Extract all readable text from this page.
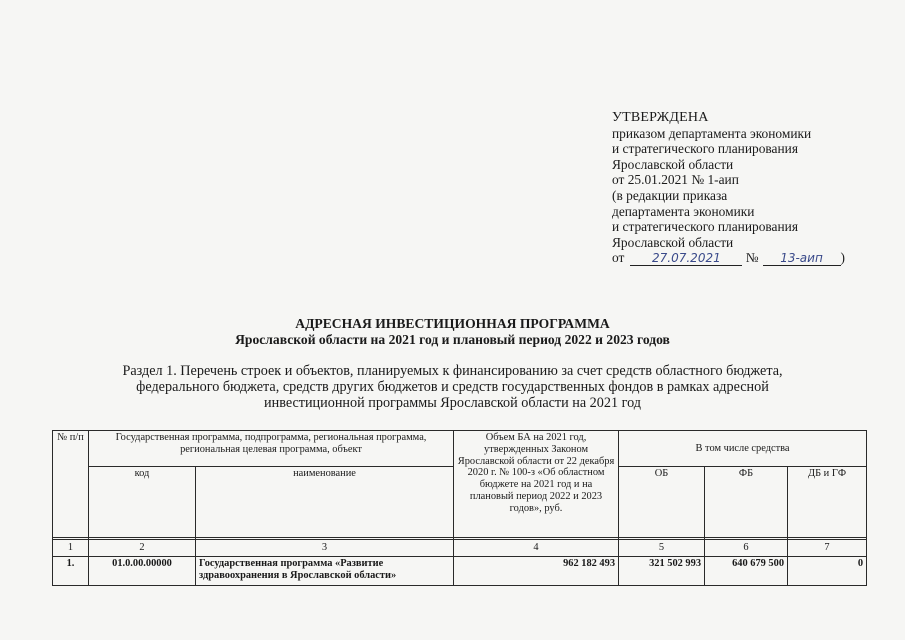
УТВЕРЖДЕНА
приказом департамента экономики
и стратегического планирования
Ярославской области
от 25.01.2021 № 1-аип
(в редакции приказа
департамента экономики
и стратегического планирования
Ярославской области
от 27.07.2021 № 13-аип )
АДРЕСНАЯ ИНВЕСТИЦИОННАЯ ПРОГРАММА
Ярославской области на 2021 год и плановый период 2022 и 2023 годов
Раздел 1. Перечень строек и объектов, планируемых к финансированию за счет средств областного бюджета,
федерального бюджета, средств других бюджетов и средств государственных фондов в рамках адресной
инвестиционной программы Ярославской области на 2021 год
№ п/п	Государственная программа, подпрограмма, региональная программа, региональная целевая программа, объект		Объем БА на 2021 год, утвержденных Законом Ярославской области от 22 декабря 2020 г. № 100-з «Об областном бюджете на 2021 год и на плановый период 2022 и 2023 годов», руб.	В том числе средства		
	код	наименование		ОБ	ФБ	ДБ и ГФ

1	2	3	4	5	6	7
1.	01.0.00.00000	Государственная программа «Развитие здравоохранения в Ярославской области»	962 182 493	321 502 993	640 679 500	0
